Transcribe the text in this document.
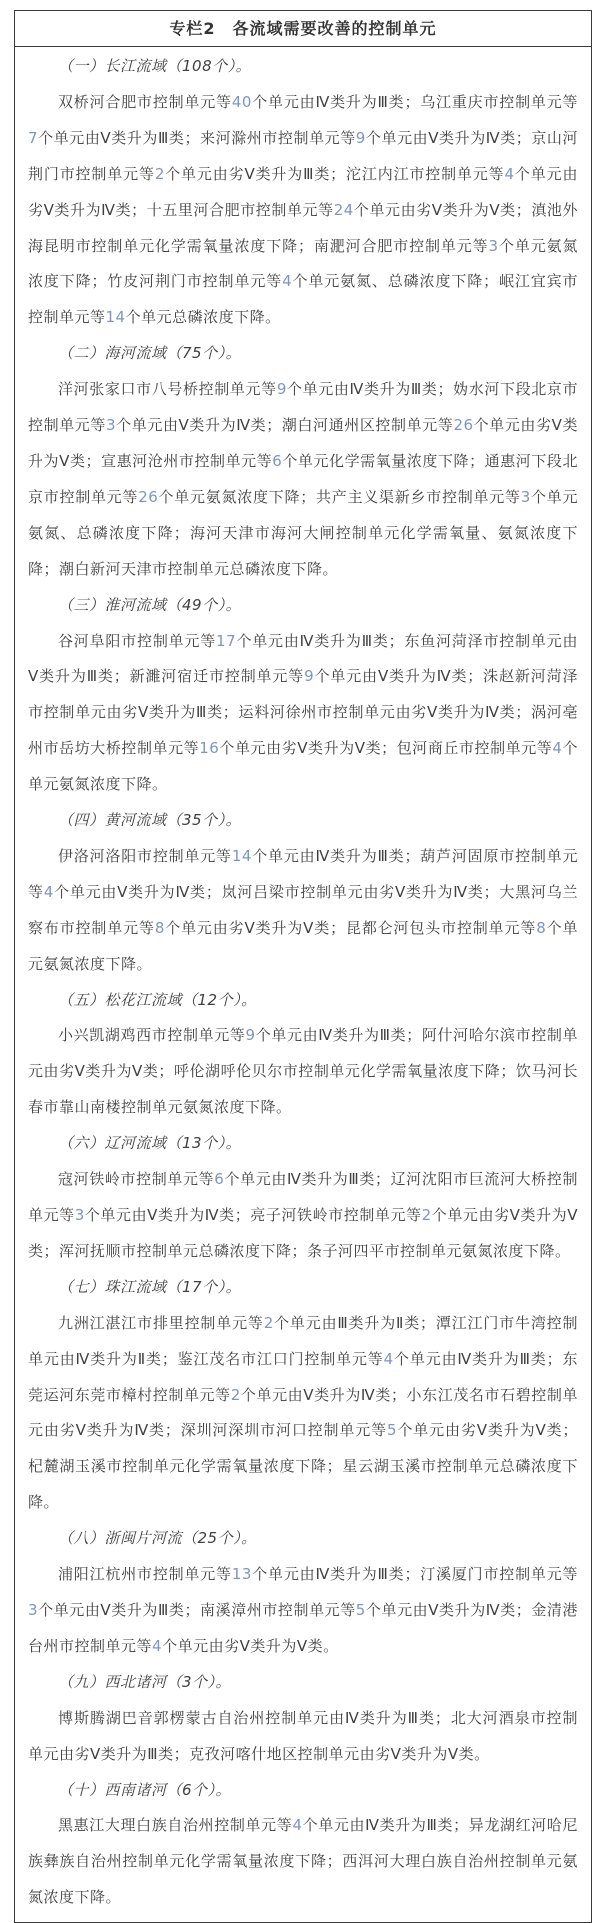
专栏2　各流域需要改善的控制单元

（一）长江流域（108个）。

双桥河合肥市控制单元等40个单元由Ⅳ类升为Ⅲ类；乌江重庆市控制单元等7个单元由Ⅴ类升为Ⅲ类；来河滁州市控制单元等9个单元由Ⅴ类升为Ⅳ类；京山河荆门市控制单元等2个单元由劣Ⅴ类升为Ⅲ类；沱江内江市控制单元等4个单元由劣Ⅴ类升为Ⅳ类；十五里河合肥市控制单元等24个单元由劣Ⅴ类升为Ⅴ类；滇池外海昆明市控制单元化学需氧量浓度下降；南淝河合肥市控制单元等3个单元氨氮浓度下降；竹皮河荆门市控制单元等4个单元氨氮、总磷浓度下降；岷江宜宾市控制单元等14个单元总磷浓度下降。

（二）海河流域（75个）。

洋河张家口市八号桥控制单元等9个单元由Ⅳ类升为Ⅲ类；妫水河下段北京市控制单元等3个单元由Ⅴ类升为Ⅳ类；潮白河通州区控制单元等26个单元由劣Ⅴ类升为Ⅴ类；宣惠河沧州市控制单元等6个单元化学需氧量浓度下降；通惠河下段北京市控制单元等26个单元氨氮浓度下降；共产主义渠新乡市控制单元等3个单元氨氮、总磷浓度下降；海河天津市海河大闸控制单元化学需氧量、氨氮浓度下降；潮白新河天津市控制单元总磷浓度下降。

（三）淮河流域（49个）。

谷河阜阳市控制单元等17个单元由Ⅳ类升为Ⅲ类；东鱼河菏泽市控制单元由Ⅴ类升为Ⅲ类；新濉河宿迁市控制单元等9个单元由Ⅴ类升为Ⅳ类；洙赵新河菏泽市控制单元由劣Ⅴ类升为Ⅲ类；运料河徐州市控制单元由劣Ⅴ类升为Ⅳ类；涡河亳州市岳坊大桥控制单元等16个单元由劣Ⅴ类升为Ⅴ类；包河商丘市控制单元等4个单元氨氮浓度下降。

（四）黄河流域（35个）。

伊洛河洛阳市控制单元等14个单元由Ⅳ类升为Ⅲ类；葫芦河固原市控制单元等4个单元由Ⅴ类升为Ⅳ类；岚河吕梁市控制单元由劣Ⅴ类升为Ⅳ类；大黑河乌兰察布市控制单元等8个单元由劣Ⅴ类升为Ⅴ类；昆都仑河包头市控制单元等8个单元氨氮浓度下降。

（五）松花江流域（12个）。

小兴凯湖鸡西市控制单元等9个单元由Ⅳ类升为Ⅲ类；阿什河哈尔滨市控制单元由劣Ⅴ类升为Ⅴ类；呼伦湖呼伦贝尔市控制单元化学需氧量浓度下降；饮马河长春市靠山南楼控制单元氨氮浓度下降。

（六）辽河流域（13个）。

寇河铁岭市控制单元等6个单元由Ⅳ类升为Ⅲ类；辽河沈阳市巨流河大桥控制单元等3个单元由Ⅴ类升为Ⅳ类；亮子河铁岭市控制单元等2个单元由劣Ⅴ类升为Ⅴ类；浑河抚顺市控制单元总磷浓度下降；条子河四平市控制单元氨氮浓度下降。

（七）珠江流域（17个）。

九洲江湛江市排里控制单元等2个单元由Ⅲ类升为Ⅱ类；潭江江门市牛湾控制单元由Ⅳ类升为Ⅱ类；鉴江茂名市江口门控制单元等4个单元由Ⅳ类升为Ⅲ类；东莞运河东莞市樟村控制单元等2个单元由Ⅴ类升为Ⅳ类；小东江茂名市石碧控制单元由劣Ⅴ类升为Ⅳ类；深圳河深圳市河口控制单元等5个单元由劣Ⅴ类升为Ⅴ类；杞麓湖玉溪市控制单元化学需氧量浓度下降；星云湖玉溪市控制单元总磷浓度下降。

（八）浙闽片河流（25个）。

浦阳江杭州市控制单元等13个单元由Ⅳ类升为Ⅲ类；汀溪厦门市控制单元等3个单元由Ⅴ类升为Ⅲ类；南溪漳州市控制单元等5个单元由Ⅴ类升为Ⅳ类；金清港台州市控制单元等4个单元由劣Ⅴ类升为Ⅴ类。

（九）西北诸河（3个）。

博斯腾湖巴音郭楞蒙古自治州控制单元由Ⅳ类升为Ⅲ类；北大河酒泉市控制单元由劣Ⅴ类升为Ⅲ类；克孜河喀什地区控制单元由劣Ⅴ类升为Ⅴ类。

（十）西南诸河（6个）。

黑惠江大理白族自治州控制单元等4个单元由Ⅳ类升为Ⅲ类；异龙湖红河哈尼族彝族自治州控制单元化学需氧量浓度下降；西洱河大理白族自治州控制单元氨氮浓度下降。
